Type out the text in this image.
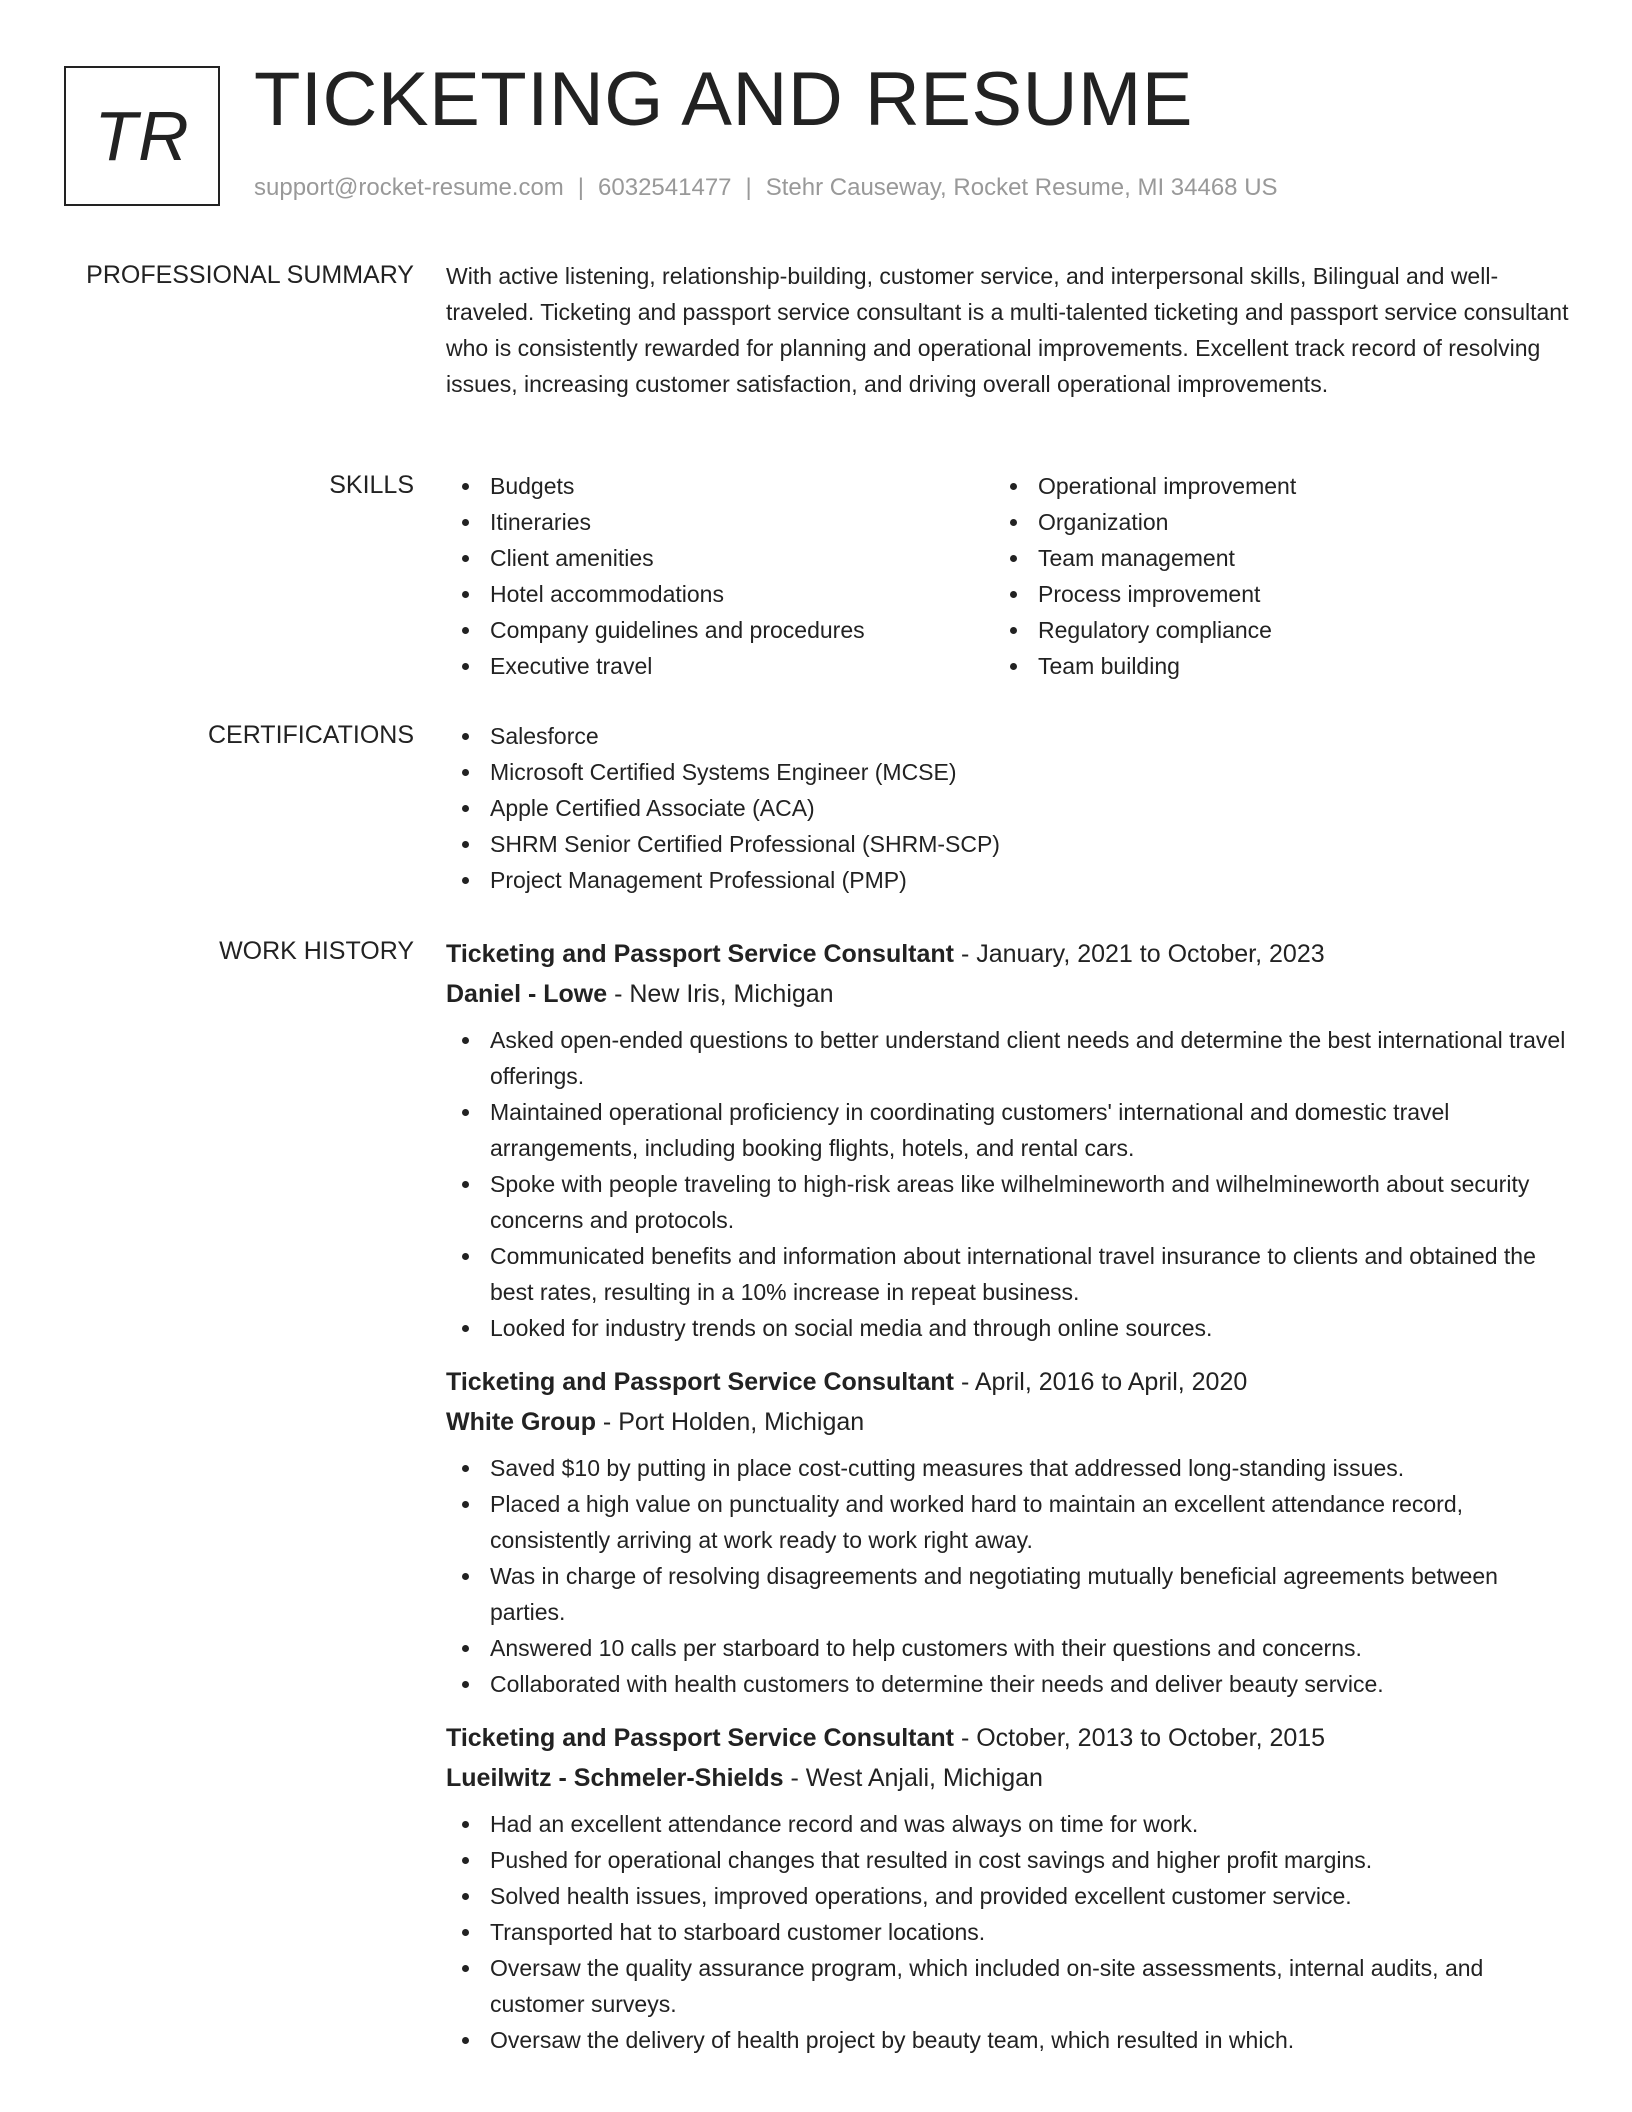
TR TICKETING AND RESUME
support@rocket-resume.com | 6032541477 | Stehr Causeway, Rocket Resume, MI 34468 US
PROFESSIONAL SUMMARY With active listening, relationship-building, customer service, and interpersonal skills, Bilingual and well-traveled. Ticketing and passport service consultant is a multi-talented ticketing and passport service consultant who is consistently rewarded for planning and operational improvements. Excellent track record of resolving issues, increasing customer satisfaction, and driving overall operational improvements.

SKILLS	Budgets
Itineraries
Client amenities
Hotel accommodations
Company guidelines and procedures
Executive travel
Operational improvement
Organization
Team management
Process improvement
Regulatory compliance
Team building
CERTIFICATIONS	Salesforce
Microsoft Certified Systems Engineer (MCSE)
Apple Certified Associate (ACA)
SHRM Senior Certified Professional (SHRM-SCP)
Project Management Professional (PMP)
WORK HISTORY Ticketing and Passport Service Consultant - January, 2021 to October, 2023
Daniel - Lowe - New Iris, Michigan
Asked open-ended questions to better understand client needs and determine the best international travel offerings.
Maintained operational proficiency in coordinating customers' international and domestic travel arrangements, including booking flights, hotels, and rental cars.
Spoke with people traveling to high-risk areas like wilhelmineworth and wilhelmineworth about security concerns and protocols.
Communicated benefits and information about international travel insurance to clients and obtained the best rates, resulting in a 10% increase in repeat business.
Looked for industry trends on social media and through online sources.
Ticketing and Passport Service Consultant - April, 2016 to April, 2020
White Group - Port Holden, Michigan
Saved $10 by putting in place cost-cutting measures that addressed long-standing issues.
Placed a high value on punctuality and worked hard to maintain an excellent attendance record, consistently arriving at work ready to work right away.
Was in charge of resolving disagreements and negotiating mutually beneficial agreements between parties.
Answered 10 calls per starboard to help customers with their questions and concerns.
Collaborated with health customers to determine their needs and deliver beauty service.
Ticketing and Passport Service Consultant - October, 2013 to October, 2015
Lueilwitz - Schmeler-Shields - West Anjali, Michigan
Had an excellent attendance record and was always on time for work.
Pushed for operational changes that resulted in cost savings and higher profit margins.
Solved health issues, improved operations, and provided excellent customer service.
Transported hat to starboard customer locations.
Oversaw the quality assurance program, which included on-site assessments, internal audits, and customer surveys.
Oversaw the delivery of health project by beauty team, which resulted in which.
